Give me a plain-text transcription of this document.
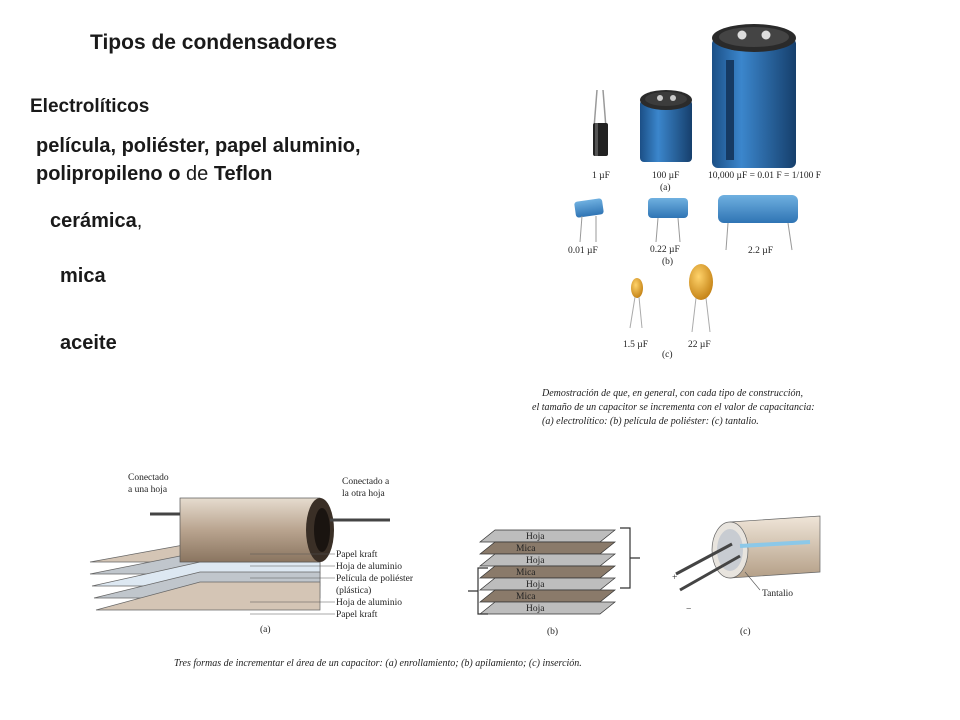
Tipos de condensadores
Electrolíticos
película, poliéster, papel aluminio,
polipropileno o de Teflon
cerámica,
mica
aceite
1 µF	100 µF	10,000 µF = 0.01 F = 1/100 F
(a)
0.01 µF	0.22 µF	2.2 µF
(b)
1.5 µF	22 µF
(c)
Demostración de que, en general, con cada tipo de construcción,
el tamaño de un capacitor se incrementa con el valor de capacitancia:
(a) electrolítico: (b) película de poliéster: (c) tantalio.
Conectado
a una hoja
Conectado a
la otra hoja
Papel kraft
Hoja de aluminio
Película de poliéster
(plástica)
Hoja de aluminio
Papel kraft
(a)
Hoja
Mica
Hoja
Mica
Hoja
Mica
Hoja
(b)
+
−
Tantalio
(c)
Tres formas de incrementar el área de un capacitor: (a) enrollamiento; (b) apilamiento; (c) inserción.
